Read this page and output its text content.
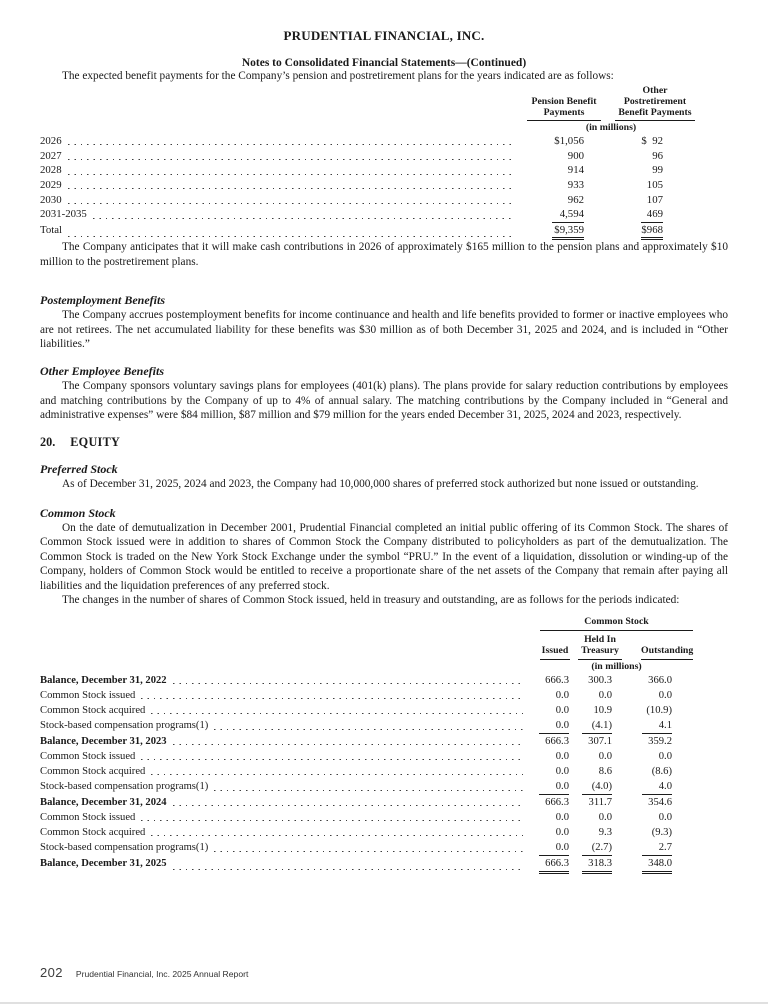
PRUDENTIAL FINANCIAL, INC.
Notes to Consolidated Financial Statements—(Continued)

The expected benefit payments for the Company’s pension and postretirement plans for the years indicated are as follows:

Pension Benefit
Payments
Other
Postretirement
Benefit Payments
(in millions)
2026	$1,056	$  92
2027	900	96
2028	914	99
2029	933	105
2030	962	107
2031-2035	4,594	469
Total	$9,359	$968

The Company anticipates that it will make cash contributions in 2026 of approximately $165 million to the pension plans and approximately $10 million to the postretirement plans.

Postemployment Benefits

The Company accrues postemployment benefits for income continuance and health and life benefits provided to former or inactive employees who are not retirees. The net accumulated liability for these benefits was $30 million as of both December 31, 2025 and 2024, and is included in “Other liabilities.”

Other Employee Benefits

The Company sponsors voluntary savings plans for employees (401(k) plans). The plans provide for salary reduction contributions by employees and matching contributions by the Company of up to 4% of annual salary. The matching contributions by the Company included in “General and administrative expenses” were $84 million, $87 million and $79 million for the years ended December 31, 2025, 2024 and 2023, respectively.

20. EQUITY
Preferred Stock

As of December 31, 2025, 2024 and 2023, the Company had 10,000,000 shares of preferred stock authorized but none issued or outstanding.

Common Stock

On the date of demutualization in December 2001, Prudential Financial completed an initial public offering of its Common Stock. The shares of Common Stock issued were in addition to shares of Common Stock the Company distributed to policyholders as part of the demutualization. The Common Stock is traded on the New York Stock Exchange under the symbol “PRU.” In the event of a liquidation, dissolution or winding-up of the Company, holders of Common Stock would be entitled to receive a proportionate share of the net assets of the Company that remain after paying all liabilities and the liquidation preferences of any preferred stock.

The changes in the number of shares of Common Stock issued, held in treasury and outstanding, are as follows for the periods indicated:

Common Stock
Issued
Held In
Treasury	Outstanding
(in millions)
Balance, December 31, 2022	666.3	300.3	366.0
Common Stock issued	0.0	0.0	0.0
Common Stock acquired	0.0	10.9	(10.9)
Stock-based compensation programs(1)	0.0	(4.1)	4.1
Balance, December 31, 2023	666.3	307.1	359.2
Common Stock issued	0.0	0.0	0.0
Common Stock acquired	0.0	8.6	(8.6)
Stock-based compensation programs(1)	0.0	(4.0)	4.0
Balance, December 31, 2024	666.3	311.7	354.6
Common Stock issued	0.0	0.0	0.0
Common Stock acquired	0.0	9.3	(9.3)
Stock-based compensation programs(1)	0.0	(2.7)	2.7
Balance, December 31, 2025	666.3	318.3	348.0
202 Prudential Financial, Inc. 2025 Annual Report
